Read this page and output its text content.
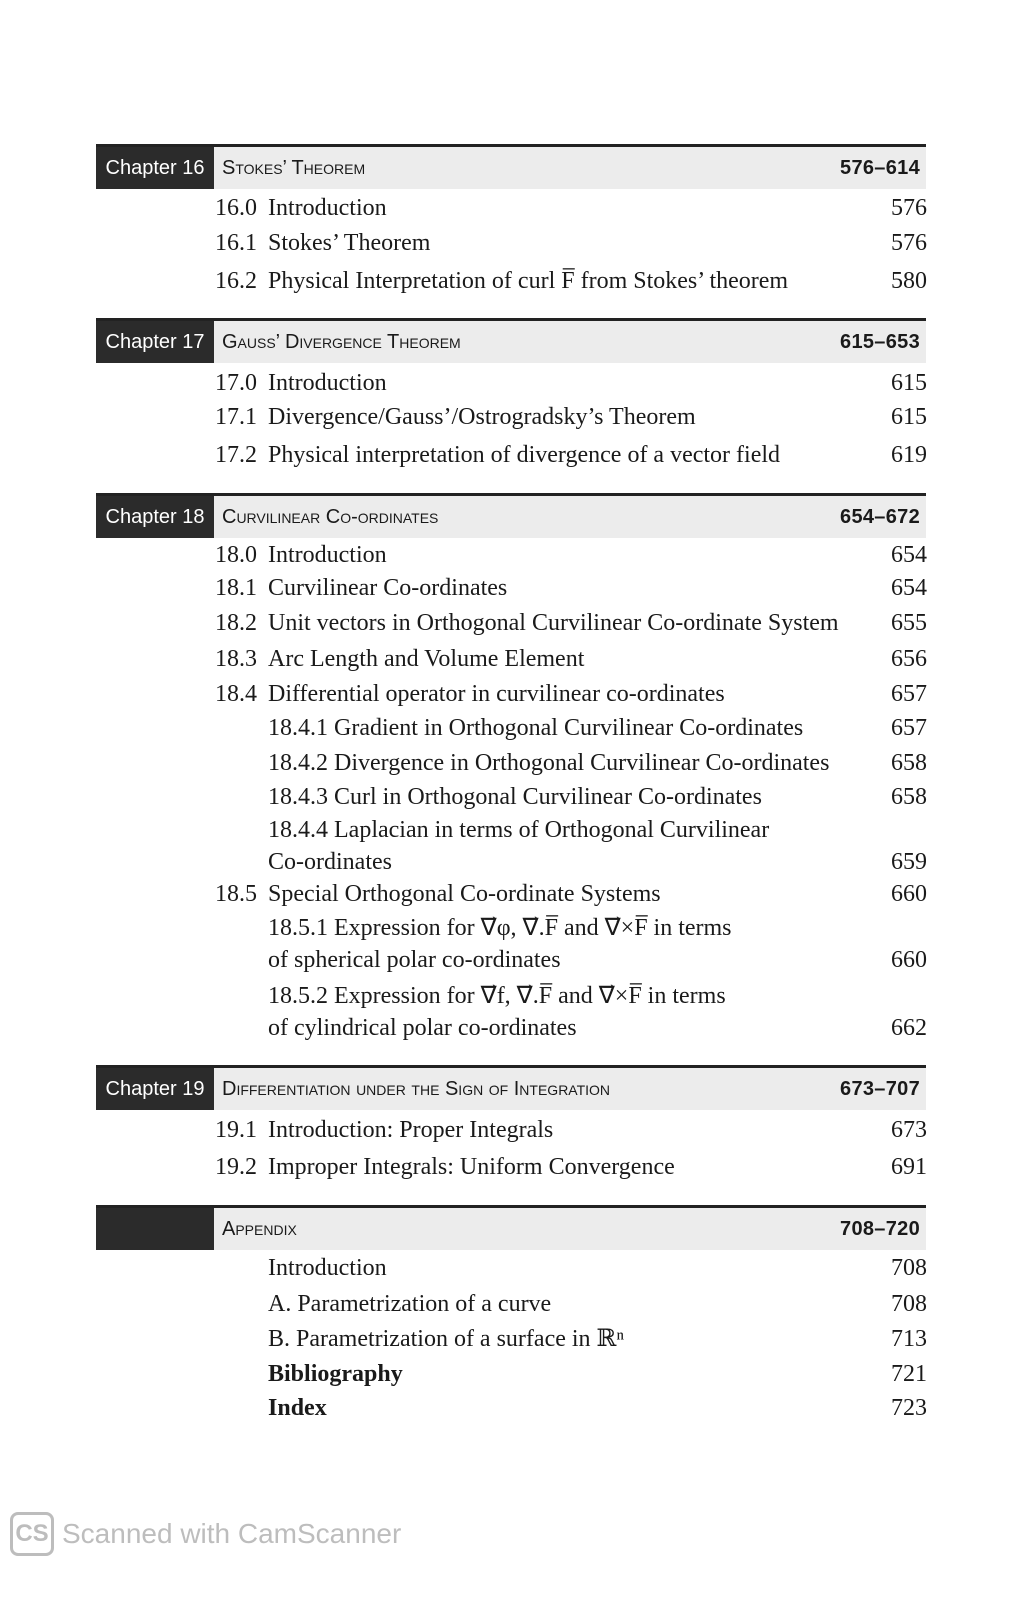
Chapter 16 Stokes’ Theorem	576–614
16.0 Introduction	576
16.1 Stokes’ Theorem	576
16.2 Physical Interpretation of curl F̅ from Stokes’ theorem	580
Chapter 17 Gauss’ Divergence Theorem	615–653
17.0 Introduction	615
17.1 Divergence/Gauss’/Ostrogradsky’s Theorem	615
17.2 Physical interpretation of divergence of a vector field	619
Chapter 18 Curvilinear Co-ordinates	654–672
18.0 Introduction	654
18.1 Curvilinear Co-ordinates	654
18.2 Unit vectors in Orthogonal Curvilinear Co-ordinate System 655
18.3 Arc Length and Volume Element	656
18.4 Differential operator in curvilinear co-ordinates	657
18.4.1 Gradient in Orthogonal Curvilinear Co-ordinates	657
18.4.2 Divergence in Orthogonal Curvilinear Co-ordinates	658
18.4.3 Curl in Orthogonal Curvilinear Co-ordinates	658
18.4.4 Laplacian in terms of Orthogonal Curvilinear
Co-ordinates	659
18.5 Special Orthogonal Co-ordinate Systems	660
18.5.1 Expression for ∇⃗φ, ∇⃗.F̅ and ∇⃗×F̅ in terms
of spherical polar co-ordinates	660
18.5.2 Expression for ∇⃗f, ∇⃗.F̅ and ∇⃗×F̅ in terms
of cylindrical polar co-ordinates	662
Chapter 19 Differentiation under the Sign of Integration	673–707
19.1 Introduction: Proper Integrals	673
19.2 Improper Integrals: Uniform Convergence	691
Appendix	708–720
Introduction	708
A. Parametrization of a curve	708
B. Parametrization of a surface in ℝⁿ	713
Bibliography	721
Index	723
CS Scanned with CamScanner
